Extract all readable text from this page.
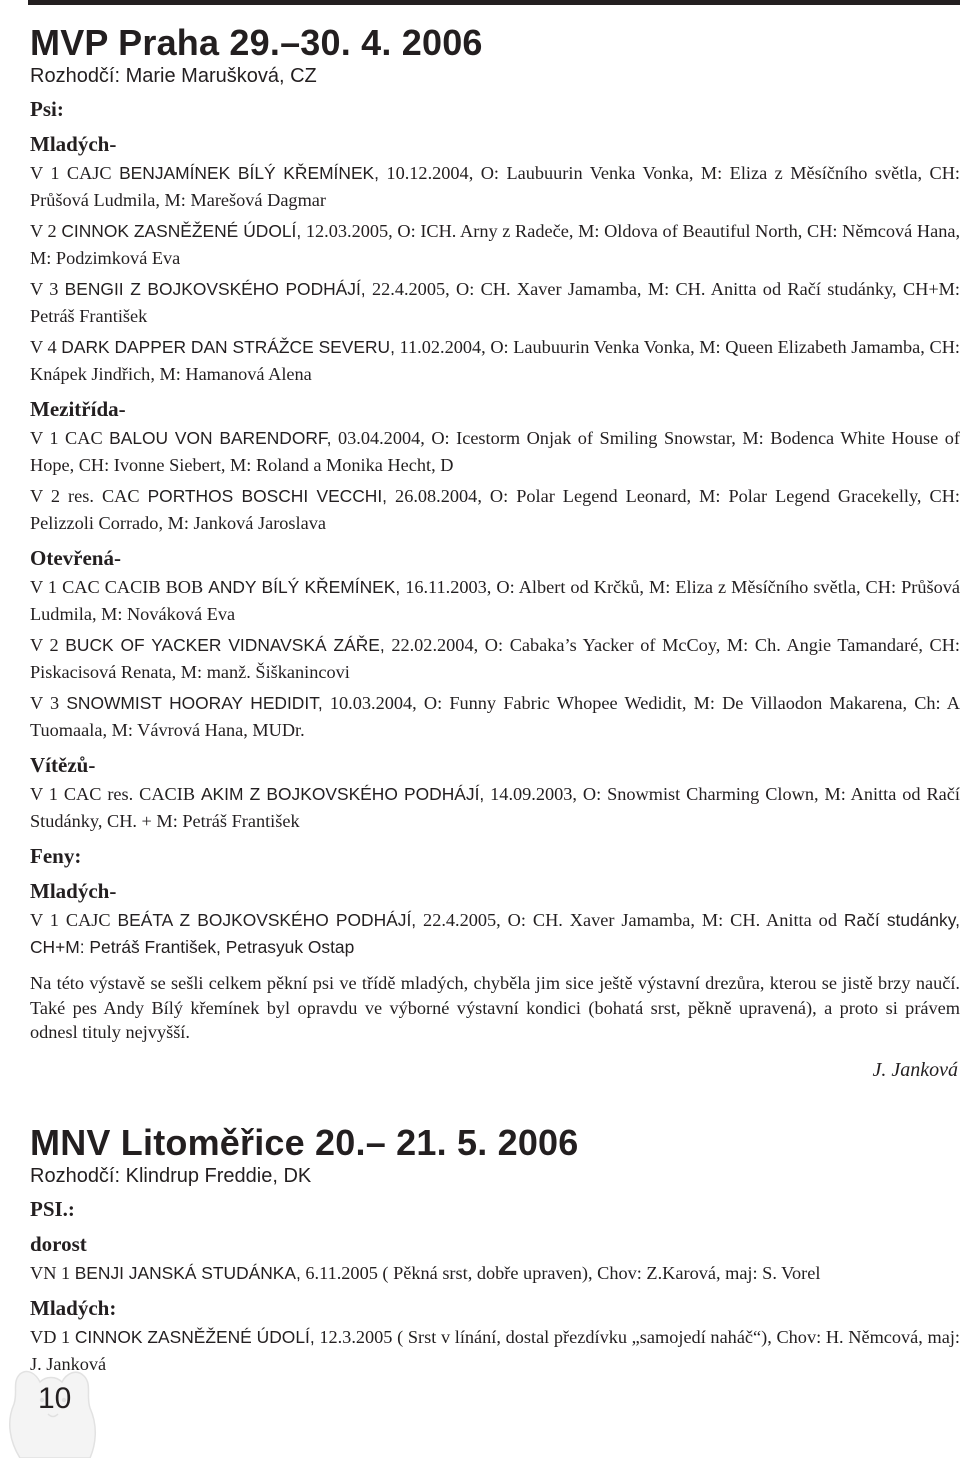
MVP Praha 29.–30. 4. 2006

Rozhodčí: Marie Marušková, CZ

Psi:

Mladých-

V 1 CAJC BENJAMÍNEK BÍLÝ KŘEMÍNEK, 10.12.2004, O: Laubuurin Venka Vonka, M: Eliza z Měsíčního světla, CH: Průšová Ludmila, M: Marešová Dagmar

V 2 CINNOK ZASNĚŽENÉ ÚDOLÍ, 12.03.2005, O: ICH. Arny z Radeče, M: Oldova of Beautiful North, CH: Němcová Hana, M: Podzimková Eva

V 3 BENGII Z BOJKOVSKÉHO PODHÁJÍ, 22.4.2005, O: CH. Xaver Jamamba, M: CH. Anitta od Račí studánky, CH+M: Petráš František

V 4 DARK DAPPER DAN STRÁŽCE SEVERU, 11.02.2004, O: Laubuurin Venka Vonka, M: Queen Elizabeth Jamamba, CH: Knápek Jindřich, M: Hamanová Alena

Mezitřída-

V 1 CAC BALOU VON BARENDORF, 03.04.2004, O: Icestorm Onjak of Smiling Snowstar, M: Bodenca White House of Hope, CH: Ivonne Siebert, M: Roland a Monika Hecht, D

V 2 res. CAC PORTHOS BOSCHI VECCHI, 26.08.2004, O: Polar Legend Leonard, M: Polar Legend Gracekelly, CH: Pelizzoli Corrado, M: Janková Jaroslava

Otevřená-

V 1 CAC CACIB BOB ANDY BÍLÝ KŘEMÍNEK, 16.11.2003, O: Albert od Krčků, M: Eliza z Měsíčního světla, CH: Průšová Ludmila, M: Nováková Eva

V 2 BUCK OF YACKER VIDNAVSKÁ ZÁŘE, 22.02.2004, O: Cabaka’s Yacker of McCoy, M: Ch. Angie Tamandaré, CH: Piskacisová Renata, M: manž. Šiškanincovi

V 3 SNOWMIST HOORAY HEDIDIT, 10.03.2004, O: Funny Fabric Whopee Wedidit, M: De Villaodon Makarena, Ch: A Tuomaala, M: Vávrová Hana, MUDr.

Vítězů-

V 1 CAC res. CACIB AKIM Z BOJKOVSKÉHO PODHÁJÍ, 14.09.2003, O: Snowmist Charming Clown, M: Anitta od Račí Studánky, CH. + M: Petráš František

Feny:

Mladých-

V 1 CAJC BEÁTA Z BOJKOVSKÉHO PODHÁJÍ, 22.4.2005, O: CH. Xaver Jamamba, M: CH. Anitta od Račí studánky, CH+M: Petráš František, Petrasyuk Ostap

Na této výstavě se sešli celkem pěkní psi ve třídě mladých, chyběla jim sice ještě výstavní drezůra, kterou se jistě brzy naučí. Také pes Andy Bílý křemínek byl opravdu ve výborné výstavní kondici (bohatá srst, pěkně upravená), a proto si právem odnesl tituly nejvyšší.

J. Janková

MNV Litoměřice 20.– 21. 5. 2006

Rozhodčí: Klindrup Freddie, DK

PSI.:

dorost

VN 1 BENJI JANSKÁ STUDÁNKA, 6.11.2005 ( Pěkná srst, dobře upraven), Chov: Z.Karová, maj: S. Vorel

Mladých:

VD 1 CINNOK ZASNĚŽENÉ ÚDOLÍ, 12.3.2005 ( Srst v línání, dostal přezdívku „samojedí naháč“), Chov: H. Němcová, maj: J. Janková

10
